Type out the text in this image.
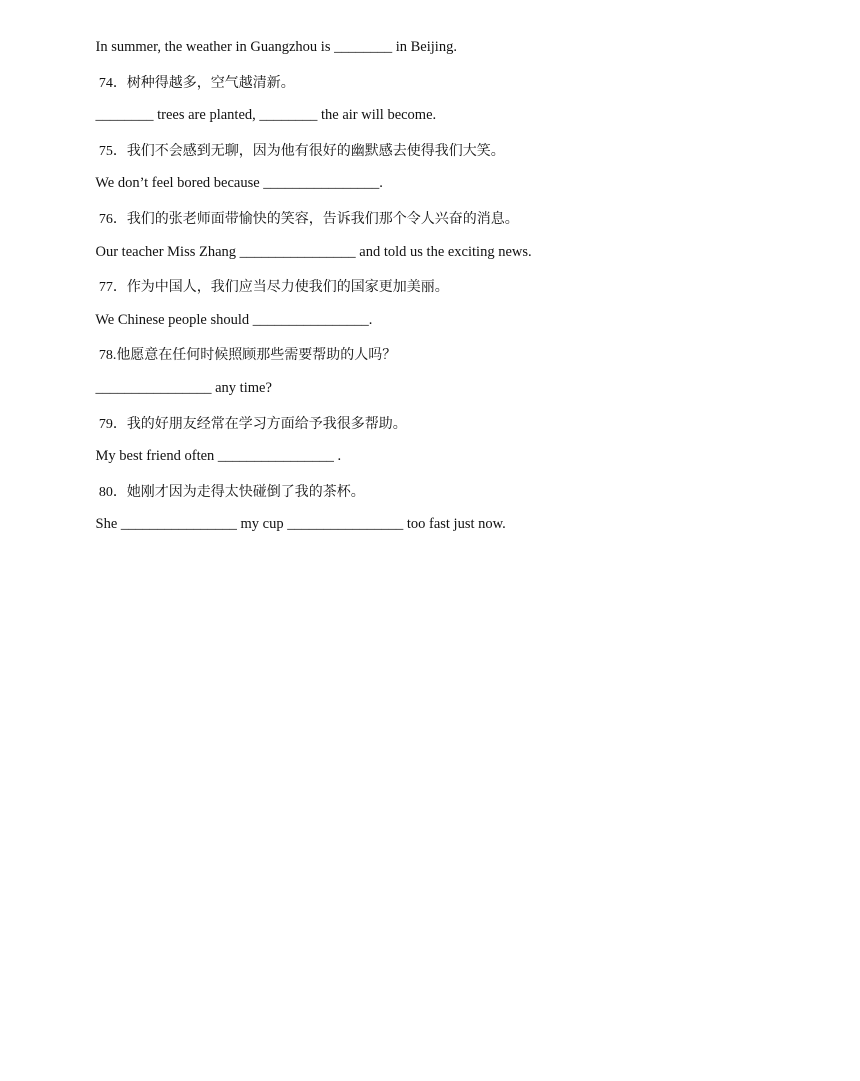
In summer, the weather in Guangzhou is ________ in Beijing.

74．树种得越多，空气越清新。

________ trees are planted, ________ the air will become.

75．我们不会感到无聊，因为他有很好的幽默感去使得我们大笑。

We don’t feel bored because ________________.

76．我们的张老师面带愉快的笑容，告诉我们那个令人兴奋的消息。

Our teacher Miss Zhang ________________ and told us the exciting news.

77．作为中国人，我们应当尽力使我们的国家更加美丽。

We Chinese people should ________________.

78.他愿意在任何时候照顾那些需要帮助的人吗？

________________ any time?

79．我的好朋友经常在学习方面给予我很多帮助。

My best friend often ________________ .

80．她刚才因为走得太快碰倒了我的茶杯。

She ________________ my cup ________________ too fast just now.
